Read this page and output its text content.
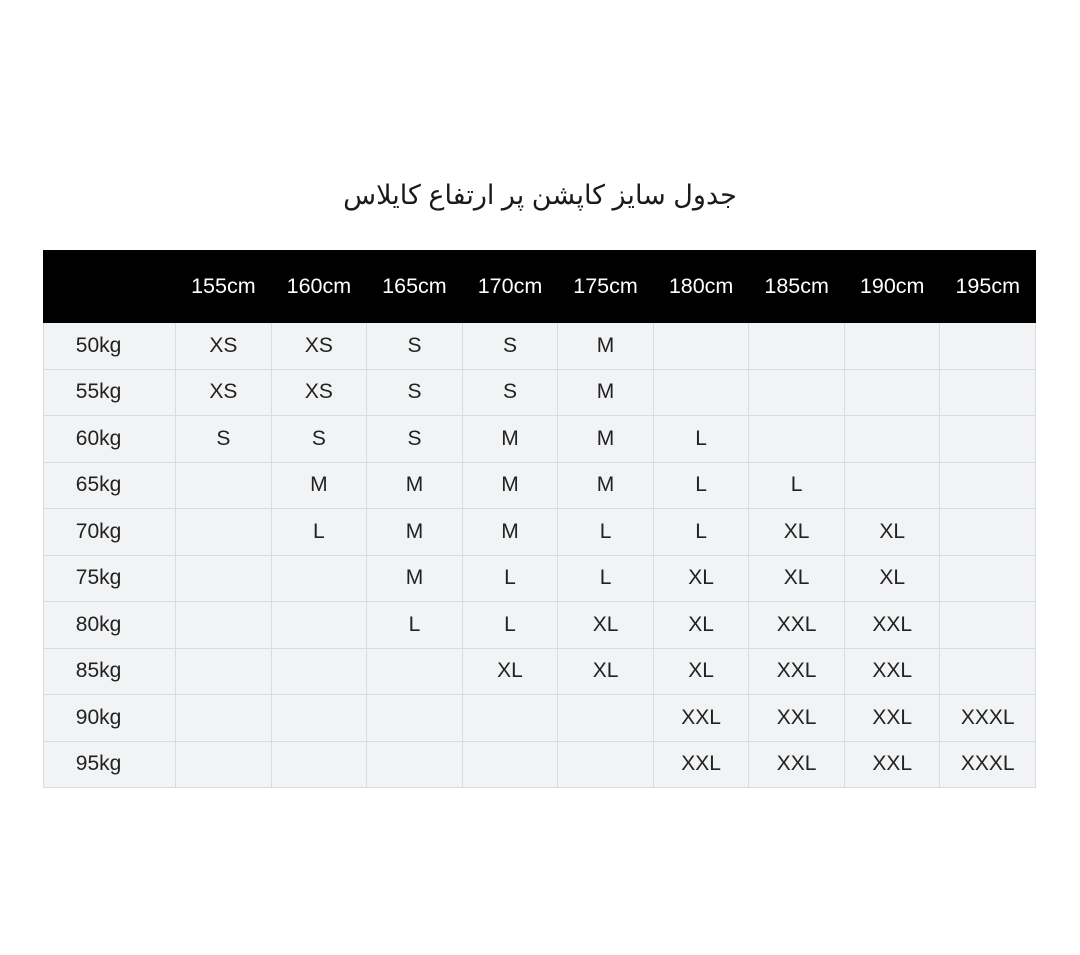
جدول سایز کاپشن پر ارتفاع کایلاس
	155cm	160cm	165cm	170cm	175cm	180cm	185cm	190cm	195cm
50kg	XS	XS	S	S	M				
55kg	XS	XS	S	S	M				
60kg	S	S	S	M	M	L			
65kg		M	M	M	M	L	L		
70kg		L	M	M	L	L	XL	XL	
75kg			M	L	L	XL	XL	XL	
80kg			L	L	XL	XL	XXL	XXL	
85kg				XL	XL	XL	XXL	XXL	
90kg						XXL	XXL	XXL	XXXL
95kg						XXL	XXL	XXL	XXXL
